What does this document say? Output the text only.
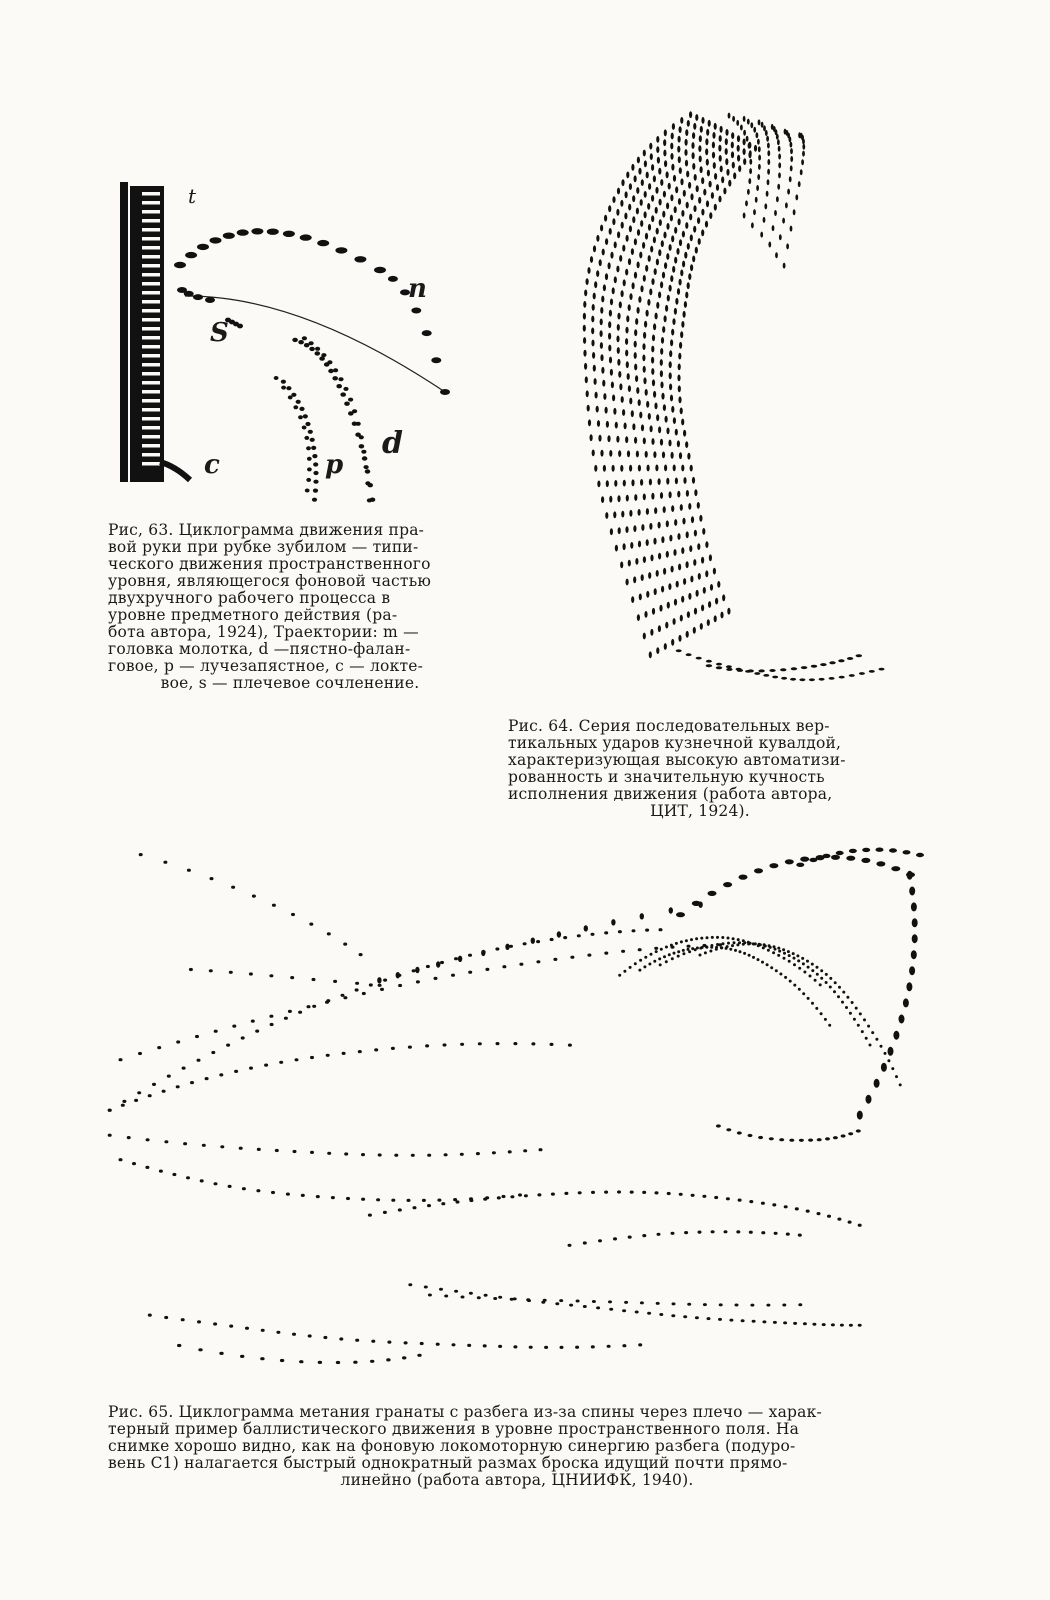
t
n
S
d
p
c
Рис, 63. Циклограмма движения пра-
вой руки при рубке зубилом — типи-
ческого движения пространственного
уровня, являющегося фоновой частью
двухручного рабочего процесса в
уровне предметного действия (ра-
бота автора, 1924), Траектории: m —
головка молотка, d —пястно-фалан-
говое, p — лучезапястное, c — локте-
вое, s — плечевое сочленение.
Рис. 64. Серия последовательных вер-
тикальных ударов кузнечной кувалдой,
характеризующая высокую автоматизи-
рованность и значительную кучность
исполнения движения (работа автора,
ЦИТ, 1924).
Рис. 65. Циклограмма метания гранаты с разбега из-за спины через плечо — харак-
терный пример баллистического движения в уровне пространственного поля. На
снимке хорошо видно, как на фоновую локомоторную синергию разбега (подуро-
вень C1) налагается быстрый однократный размах броска идущий почти прямо-
линейно (работа автора, ЦНИИФК, 1940).
